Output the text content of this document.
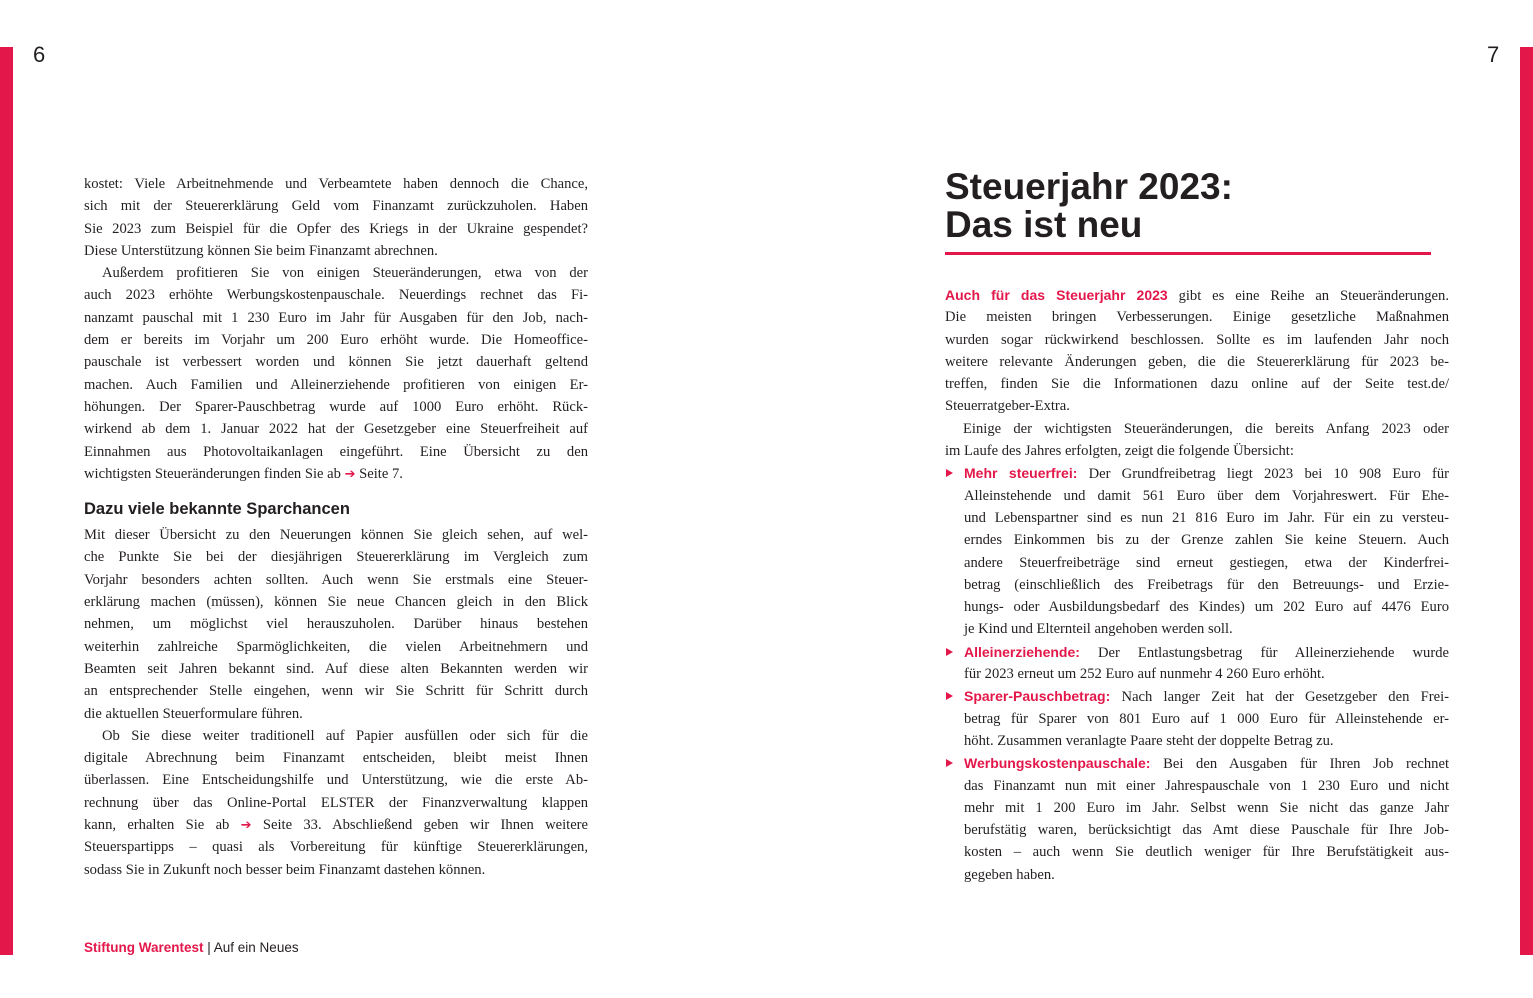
6	7
kostet: Viele Arbeitnehmende und Verbeamtete haben dennoch die Chance,
sich mit der Steuererklärung Geld vom Finanzamt zurückzuholen. Haben
Sie 2023 zum Beispiel für die Opfer des Kriegs in der Ukraine gespendet?
Diese Unterstützung können Sie beim Finanzamt abrechnen.
Außerdem profitieren Sie von einigen Steueränderungen, etwa von der
auch 2023 erhöhte Werbungskostenpauschale. Neuerdings rechnet das Fi-
nanzamt pauschal mit 1 230 Euro im Jahr für Ausgaben für den Job, nach-
dem er bereits im Vorjahr um 200 Euro erhöht wurde. Die Homeoffice-
pauschale ist verbessert worden und können Sie jetzt dauerhaft geltend
machen. Auch Familien und Alleinerziehende profitieren von einigen Er-
höhungen. Der Sparer-Pauschbetrag wurde auf 1000 Euro erhöht. Rück-
wirkend ab dem 1. Januar 2022 hat der Gesetzgeber eine Steuerfreiheit auf
Einnahmen aus Photovoltaikanlagen eingeführt. Eine Übersicht zu den
wichtigsten Steueränderungen finden Sie ab ➔ Seite 7.
Dazu viele bekannte Sparchancen
Mit dieser Übersicht zu den Neuerungen können Sie gleich sehen, auf wel-
che Punkte Sie bei der diesjährigen Steuererklärung im Vergleich zum
Vorjahr besonders achten sollten. Auch wenn Sie erstmals eine Steuer-
erklärung machen (müssen), können Sie neue Chancen gleich in den Blick
nehmen, um möglichst viel herauszuholen. Darüber hinaus bestehen
weiterhin zahlreiche Sparmöglichkeiten, die vielen Arbeitnehmern und
Beamten seit Jahren bekannt sind. Auf diese alten Bekannten werden wir
an entsprechender Stelle eingehen, wenn wir Sie Schritt für Schritt durch
die aktuellen Steuerformulare führen.
Ob Sie diese weiter traditionell auf Papier ausfüllen oder sich für die
digitale Abrechnung beim Finanzamt entscheiden, bleibt meist Ihnen
überlassen. Eine Entscheidungshilfe und Unterstützung, wie die erste Ab-
rechnung über das Online-Portal ELSTER der Finanzverwaltung klappen
kann, erhalten Sie ab ➔ Seite 33. Abschließend geben wir Ihnen weitere
Steuerspartipps – quasi als Vorbereitung für künftige Steuererklärungen,
sodass Sie in Zukunft noch besser beim Finanzamt dastehen können.
Steuerjahr 2023:
Das ist neu
Auch für das Steuerjahr 2023 gibt es eine Reihe an Steueränderungen.
Die meisten bringen Verbesserungen. Einige gesetzliche Maßnahmen
wurden sogar rückwirkend beschlossen. Sollte es im laufenden Jahr noch
weitere relevante Änderungen geben, die die Steuererklärung für 2023 be-
treffen, finden Sie die Informationen dazu online auf der Seite test.de/
Steuerratgeber-Extra.
Einige der wichtigsten Steueränderungen, die bereits Anfang 2023 oder
im Laufe des Jahres erfolgten, zeigt die folgende Übersicht:
Mehr steuerfrei: Der Grundfreibetrag liegt 2023 bei 10 908 Euro für
Alleinstehende und damit 561 Euro über dem Vorjahreswert. Für Ehe-
und Lebenspartner sind es nun 21 816 Euro im Jahr. Für ein zu versteu-
erndes Einkommen bis zu der Grenze zahlen Sie keine Steuern. Auch
andere Steuerfreibeträge sind erneut gestiegen, etwa der Kinderfrei-
betrag (einschließlich des Freibetrags für den Betreuungs- und Erzie-
hungs- oder Ausbildungsbedarf des Kindes) um 202 Euro auf 4476 Euro
je Kind und Elternteil angehoben werden soll.
Alleinerziehende: Der Entlastungsbetrag für Alleinerziehende wurde
für 2023 erneut um 252 Euro auf nunmehr 4 260 Euro erhöht.
Sparer-Pauschbetrag: Nach langer Zeit hat der Gesetzgeber den Frei-
betrag für Sparer von 801 Euro auf 1 000 Euro für Alleinstehende er-
höht. Zusammen veranlagte Paare steht der doppelte Betrag zu.
Werbungskostenpauschale: Bei den Ausgaben für Ihren Job rechnet
das Finanzamt nun mit einer Jahrespauschale von 1 230 Euro und nicht
mehr mit 1 200 Euro im Jahr. Selbst wenn Sie nicht das ganze Jahr
berufstätig waren, berücksichtigt das Amt diese Pauschale für Ihre Job-
kosten – auch wenn Sie deutlich weniger für Ihre Berufstätigkeit aus-
gegeben haben.
Stiftung Warentest | Auf ein Neues
